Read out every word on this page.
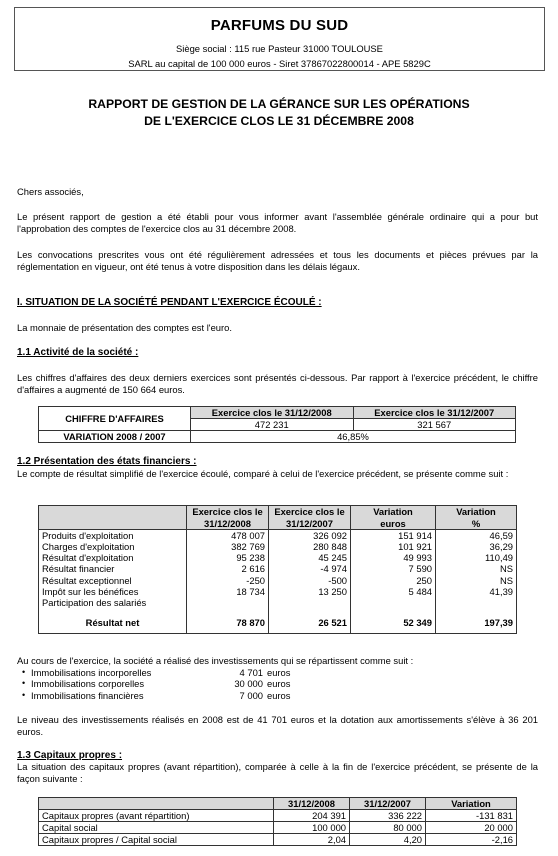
PARFUMS DU SUD
Siège social : 115 rue Pasteur 31000 TOULOUSE
SARL au capital de 100 000 euros - Siret 37867022800014 - APE 5829C
RAPPORT DE GESTION DE LA GÉRANCE SUR LES OPÉRATIONS
DE L'EXERCICE CLOS LE 31 DÉCEMBRE 2008
Chers associés,
Le présent rapport de gestion a été établi pour vous informer avant l'assemblée générale ordinaire qui a pour but l'approbation des comptes de l'exercice clos au 31 décembre 2008.
Les convocations prescrites vous ont été régulièrement adressées et tous les documents et pièces prévues par la réglementation en vigueur, ont été tenus à votre disposition dans les délais légaux.
I. SITUATION DE LA SOCIÉTÉ PENDANT L'EXERCICE ÉCOULÉ :
La monnaie de présentation des comptes est l'euro.
1.1 Activité de la société :
Les chiffres d'affaires des deux derniers exercices sont présentés ci-dessous. Par rapport à l'exercice précédent, le chiffre d'affaires a augmenté de 150 664 euros.
CHIFFRE D'AFFAIRES	Exercice clos le 31/12/2008	Exercice clos le 31/12/2007
	472 231	321 567
VARIATION 2008 / 2007	46,85%	
1.2 Présentation des états financiers :
Le compte de résultat simplifié de l'exercice écoulé, comparé à celui de l'exercice précédent, se présente comme suit :
	Exercice clos le	Exercice clos le	Variation	Variation
	31/12/2008	31/12/2007	euros	%
Produits d'exploitation	478 007	326 092	151 914	46,59
Charges d'exploitation	382 769	280 848	101 921	36,29
Résultat d'exploitation	95 238	45 245	49 993	110,49
Résultat financier	2 616	-4 974	7 590	NS
Résultat exceptionnel	-250	-500	250	NS
Impôt sur les bénéfices	18 734	13 250	5 484	41,39
Participation des salariés				

Résultat net	78 870	26 521	52 349	197,39

Au cours de l'exercice, la société a réalisé des investissements qui se répartissent comme suit :
• Immobilisations incorporelles	4 701 euros
• Immobilisations corporelles	30 000 euros
• Immobilisations financières	7 000 euros
Le niveau des investissements réalisés en 2008 est de 41 701 euros et la dotation aux amortissements s'élève à 36 201 euros.
1.3 Capitaux propres :
La situation des capitaux propres (avant répartition), comparée à celle à la fin de l'exercice précédent, se présente de la façon suivante :
	31/12/2008	31/12/2007	Variation
Capitaux propres (avant répartition)	204 391	336 222	-131 831
Capital social	100 000	80 000	20 000
Capitaux propres / Capital social	2,04	4,20	-2,16
